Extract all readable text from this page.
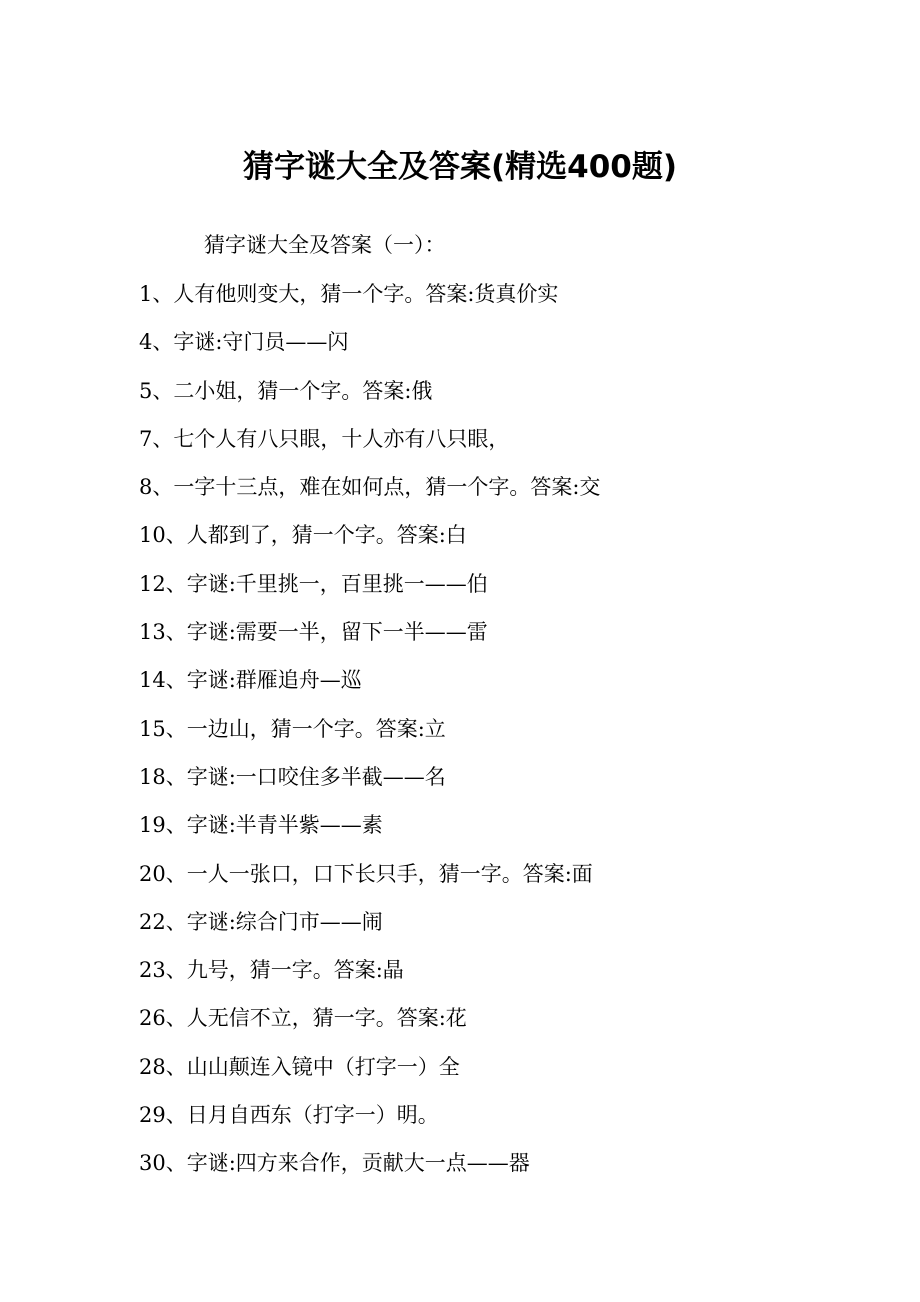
猜字谜大全及答案(精选400题)

猜字谜大全及答案（一）：

1、人有他则变大，猜一个字。答案:货真价实
4、字谜:守门员——闪
5、二小姐，猜一个字。答案:俄
7、七个人有八只眼，十人亦有八只眼，
8、一字十三点，难在如何点，猜一个字。答案:交
10、人都到了，猜一个字。答案:白
12、字谜:千里挑一，百里挑一——伯
13、字谜:需要一半，留下一半——雷
14、字谜:群雁追舟—巡
15、一边山，猜一个字。答案:立
18、字谜:一口咬住多半截——名
19、字谜:半青半紫——素
20、一人一张口，口下长只手，猜一字。答案:面
22、字谜:综合门市——闹
23、九号，猜一字。答案:晶
26、人无信不立，猜一字。答案:花
28、山山颠连入镜中（打字一）全
29、日月自西东（打字一）明。
30、字谜:四方来合作，贡献大一点——器
